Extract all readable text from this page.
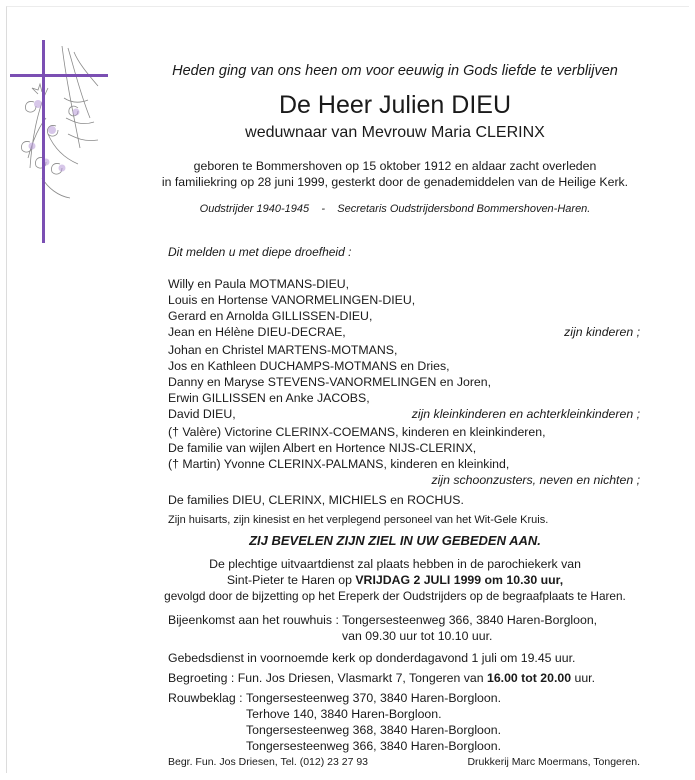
Heden ging van ons heen om voor eeuwig in Gods liefde te verblijven
De Heer Julien DIEU
weduwnaar van Mevrouw Maria CLERINX
geboren te Bommershoven op 15 oktober 1912 en aldaar zacht overleden
in familiekring op 28 juni 1999, gesterkt door de genademiddelen van de Heilige Kerk.
Oudstrijder 1940-1945 - Secretaris Oudstrijdersbond Bommershoven-Haren.
Dit melden u met diepe droefheid :
Willy en Paula MOTMANS-DIEU,
Louis en Hortense VANORMELINGEN-DIEU,
Gerard en Arnolda GILLISSEN-DIEU,
Jean en Hélène DIEU-DECRAE,	zijn kinderen ;
Johan en Christel MARTENS-MOTMANS,
Jos en Kathleen DUCHAMPS-MOTMANS en Dries,
Danny en Maryse STEVENS-VANORMELINGEN en Joren,
Erwin GILLISSEN en Anke JACOBS,
David DIEU,	zijn kleinkinderen en achterkleinkinderen ;
(† Valère) Victorine CLERINX-COEMANS, kinderen en kleinkinderen,
De familie van wijlen Albert en Hortence NIJS-CLERINX,
(† Martin) Yvonne CLERINX-PALMANS, kinderen en kleinkind,
zijn schoonzusters, neven en nichten ;
De families DIEU, CLERINX, MICHIELS en ROCHUS.
Zijn huisarts, zijn kinesist en het verplegend personeel van het Wit-Gele Kruis.
ZIJ BEVELEN ZIJN ZIEL IN UW GEBEDEN AAN.
De plechtige uitvaartdienst zal plaats hebben in de parochiekerk van
Sint-Pieter te Haren op VRIJDAG 2 JULI 1999 om 10.30 uur,
gevolgd door de bijzetting op het Ereperk der Oudstrijders op de begraafplaats te Haren.
Bijeenkomst aan het rouwhuis : Tongersesteenweg 366, 3840 Haren-Borgloon,
van 09.30 uur tot 10.10 uur.
Gebedsdienst in voornoemde kerk op donderdagavond 1 juli om 19.45 uur.
Begroeting : Fun. Jos Driesen, Vlasmarkt 7, Tongeren van 16.00 tot 20.00 uur.
Rouwbeklag : Tongersesteenweg 370, 3840 Haren-Borgloon.
Terhove 140, 3840 Haren-Borgloon.
Tongersesteenweg 368, 3840 Haren-Borgloon.
Tongersesteenweg 366, 3840 Haren-Borgloon.
Begr. Fun. Jos Driesen, Tel. (012) 23 27 93	Drukkerij Marc Moermans, Tongeren.
